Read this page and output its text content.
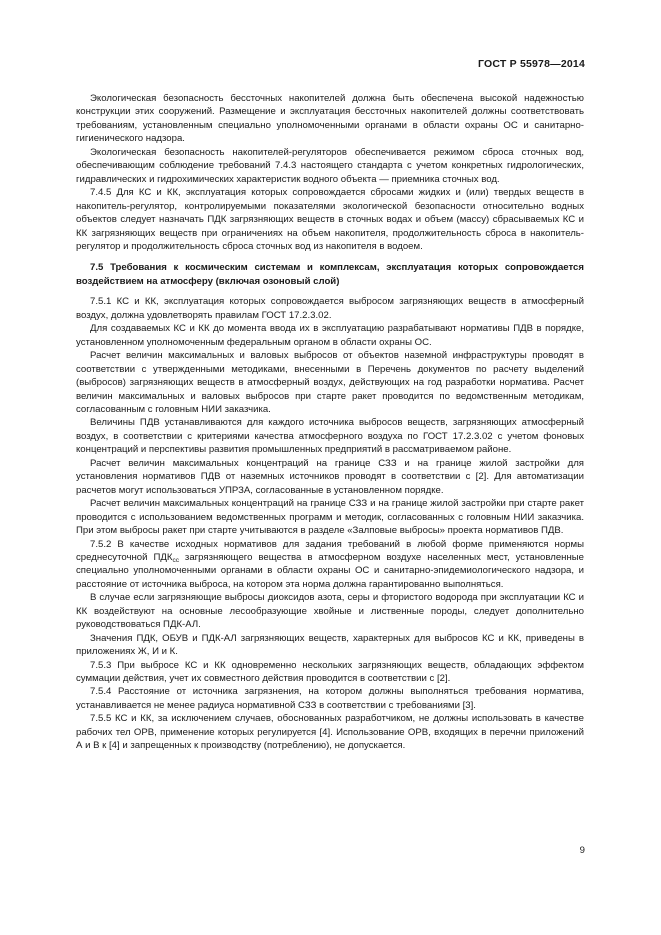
ГОСТ Р 55978—2014

Экологическая безопасность бессточных накопителей должна быть обеспечена высокой надежностью конструкции этих сооружений. Размещение и эксплуатация бессточных накопителей должны соответствовать требованиям, установленным специально уполномоченными органами в области охраны ОС и санитарно-гигиенического надзора.

Экологическая безопасность накопителей-регуляторов обеспечивается режимом сброса сточных вод, обеспечивающим соблюдение требований 7.4.3 настоящего стандарта с учетом конкретных гидрологических, гидравлических и гидрохимических характеристик водного объекта — приемника сточных вод.

7.4.5 Для КС и КК, эксплуатация которых сопровождается сбросами жидких и (или) твердых веществ в накопитель-регулятор, контролируемыми показателями экологической безопасности относительно водных объектов следует назначать ПДК загрязняющих веществ в сточных водах и объем (массу) сбрасываемых КС и КК загрязняющих веществ при ограничениях на объем накопителя, продолжительность сброса в накопитель-регулятор и продолжительность сброса сточных вод из накопителя в водоем.

7.5 Требования к космическим системам и комплексам, эксплуатация которых сопровождается воздействием на атмосферу (включая озоновый слой)

7.5.1 КС и КК, эксплуатация которых сопровождается выбросом загрязняющих веществ в атмосферный воздух, должна удовлетворять правилам ГОСТ 17.2.3.02.

Для создаваемых КС и КК до момента ввода их в эксплуатацию разрабатывают нормативы ПДВ в порядке, установленном уполномоченным федеральным органом в области охраны ОС.

Расчет величин максимальных и валовых выбросов от объектов наземной инфраструктуры проводят в соответствии с утвержденными методиками, внесенными в Перечень документов по расчету выделений (выбросов) загрязняющих веществ в атмосферный воздух, действующих на год разработки норматива. Расчет величин максимальных и валовых выбросов при старте ракет проводится по ведомственным методикам, согласованным с головным НИИ заказчика.

Величины ПДВ устанавливаются для каждого источника выбросов веществ, загрязняющих атмосферный воздух, в соответствии с критериями качества атмосферного воздуха по ГОСТ 17.2.3.02 с учетом фоновых концентраций и перспективы развития промышленных предприятий в рассматриваемом районе.

Расчет величин максимальных концентраций на границе СЗЗ и на границе жилой застройки для установления нормативов ПДВ от наземных источников проводят в соответствии с [2]. Для автоматизации расчетов могут использоваться УПРЗА, согласованные в установленном порядке.

Расчет величин максимальных концентраций на границе СЗЗ и на границе жилой застройки при старте ракет проводится с использованием ведомственных программ и методик, согласованных с головным НИИ заказчика. При этом выбросы ракет при старте учитываются в разделе «Залповые выбросы» проекта нормативов ПДВ.

7.5.2 В качестве исходных нормативов для задания требований в любой форме применяются нормы среднесуточной $ПДК_{сс}$ загрязняющего вещества в атмосферном воздухе населенных мест, установленные специально уполномоченными органами в области охраны ОС и санитарно-эпидемиологического надзора, и расстояние от источника выброса, на котором эта норма должна гарантированно выполняться.

В случае если загрязняющие выбросы диоксидов азота, серы и фтористого водорода при эксплуатации КС и КК воздействуют на основные лесообразующие хвойные и лиственные породы, следует дополнительно руководствоваться ПДК-АЛ.

Значения ПДК, ОБУВ и ПДК-АЛ загрязняющих веществ, характерных для выбросов КС и КК, приведены в приложениях Ж, И и К.

7.5.3 При выбросе КС и КК одновременно нескольких загрязняющих веществ, обладающих эффектом суммации действия, учет их совместного действия проводится в соответствии с [2].

7.5.4 Расстояние от источника загрязнения, на котором должны выполняться требования норматива, устанавливается не менее радиуса нормативной СЗЗ в соответствии с требованиями [3].

7.5.5 КС и КК, за исключением случаев, обоснованных разработчиком, не должны использовать в качестве рабочих тел ОРВ, применение которых регулируется [4]. Использование ОРВ, входящих в перечни приложений А и В к [4] и запрещенных к производству (потреблению), не допускается.

9
